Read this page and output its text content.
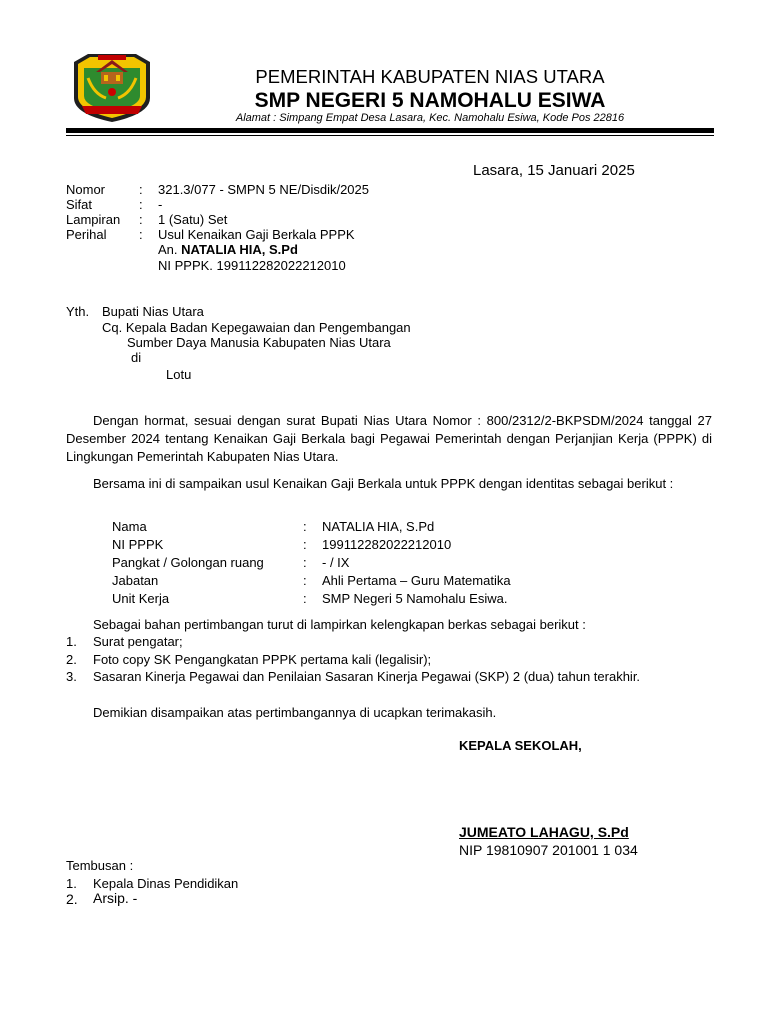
PEMERINTAH KABUPATEN NIAS UTARA
SMP NEGERI 5 NAMOHALU ESIWA
Alamat : Simpang Empat Desa Lasara, Kec. Namohalu Esiwa, Kode Pos 22816
Lasara, 15 Januari 2025
Nomor	: 321.3/077 - SMPN 5 NE/Disdik/2025
Sifat	: -
Lampiran : 1 (Satu) Set
Perihal	: Usul Kenaikan Gaji Berkala PPPK
An. NATALIA HIA, S.Pd
NI PPPK. 199112282022212010
Yth. Bupati Nias Utara
Cq. Kepala Badan Kepegawaian dan Pengembangan
Sumber Daya Manusia Kabupaten Nias Utara
di
Lotu
Dengan hormat, sesuai dengan surat Bupati Nias Utara Nomor : 800/2312/2-BKPSDM/2024 tanggal 27 Desember 2024 tentang Kenaikan Gaji Berkala bagi Pegawai Pemerintah dengan Perjanjian Kerja (PPPK) di Lingkungan Pemerintah Kabupaten Nias Utara.
Bersama ini di sampaikan usul Kenaikan Gaji Berkala untuk PPPK dengan identitas sebagai berikut :
Nama	: NATALIA HIA, S.Pd
NI PPPK	: 199112282022212010
Pangkat / Golongan ruang	: - / IX
Jabatan	: Ahli Pertama – Guru Matematika
Unit Kerja	: SMP Negeri 5 Namohalu Esiwa.
Sebagai bahan pertimbangan turut di lampirkan kelengkapan berkas sebagai berikut :
1. Surat pengatar;
2. Foto copy SK Pengangkatan PPPK pertama kali (legalisir);
3. Sasaran Kinerja Pegawai dan Penilaian Sasaran Kinerja Pegawai (SKP) 2 (dua) tahun terakhir.
Demikian disampaikan atas pertimbangannya di ucapkan terimakasih.
KEPALA SEKOLAH,
JUMEATO LAHAGU, S.Pd
NIP 19810907 201001 1 034
Tembusan :
1. Kepala Dinas Pendidikan
2. Arsip. -
